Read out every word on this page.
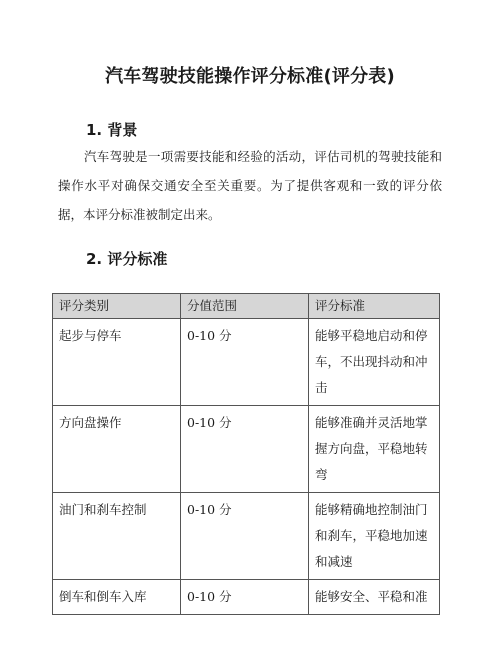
汽车驾驶技能操作评分标准(评分表)
1. 背景
汽车驾驶是一项需要技能和经验的活动，评估司机的驾驶技能和操作水平对确保交通安全至关重要。为了提供客观和一致的评分依据，本评分标准被制定出来。
2. 评分标准
评分类别	分值范围	评分标准
起步与停车	0-10 分	能够平稳地启动和停车，不出现抖动和冲击
方向盘操作	0-10 分	能够准确并灵活地掌握方向盘，平稳地转弯
油门和刹车控制	0-10 分	能够精确地控制油门和刹车，平稳地加速和减速
倒车和倒车入库	0-10 分	能够安全、平稳和准
